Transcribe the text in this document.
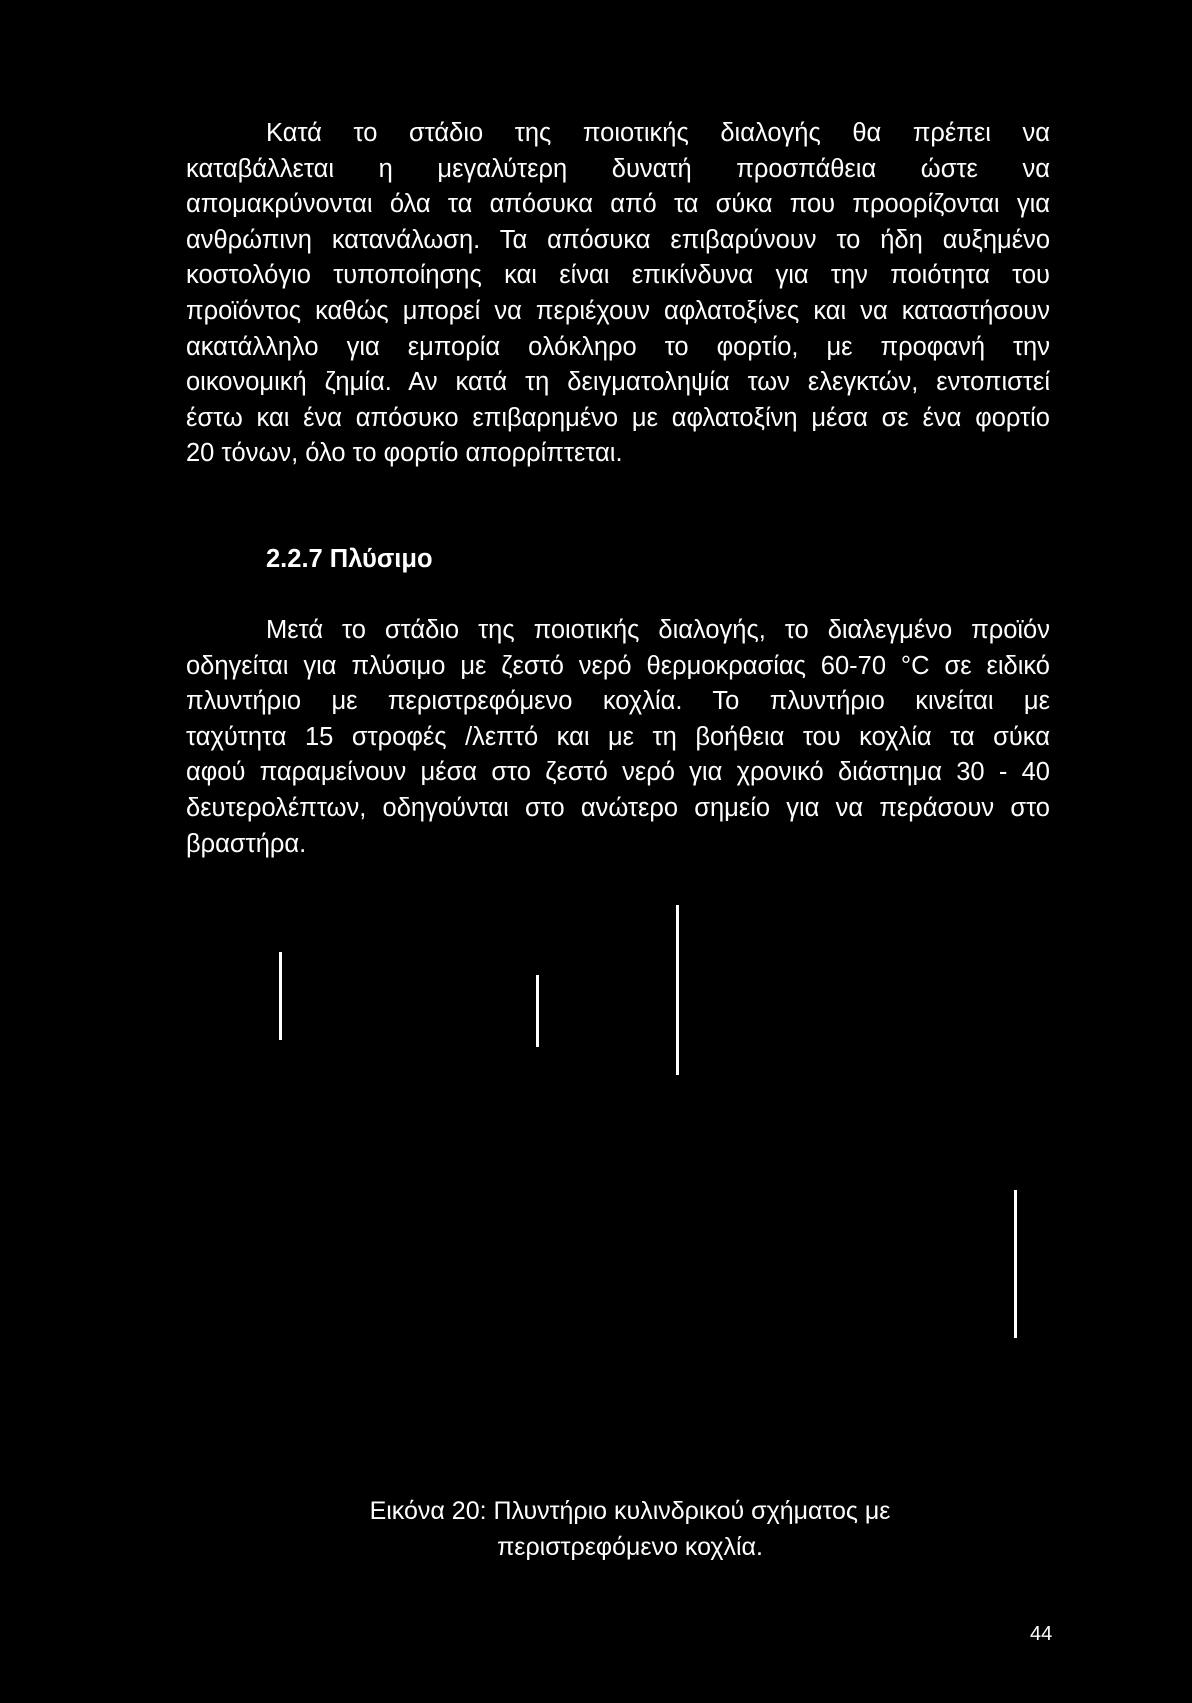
Κατά το στάδιο της ποιοτικής διαλογής θα πρέπει να
καταβάλλεται η μεγαλύτερη δυνατή προσπάθεια ώστε να
απομακρύνονται όλα τα απόσυκα από τα σύκα που προορίζονται για
ανθρώπινη κατανάλωση. Τα απόσυκα επιβαρύνουν το ήδη αυξημένο
κοστολόγιο τυποποίησης και είναι επικίνδυνα για την ποιότητα του
προϊόντος καθώς μπορεί να περιέχουν αφλατοξίνες και να καταστήσουν
ακατάλληλο για εμπορία ολόκληρο το φορτίο, με προφανή την
οικονομική ζημία. Αν κατά τη δειγματοληψία των ελεγκτών, εντοπιστεί
έστω και ένα απόσυκο επιβαρημένο με αφλατοξίνη μέσα σε ένα φορτίο
20 τόνων, όλο το φορτίο απορρίπτεται.
2.2.7 Πλύσιμο
Μετά το στάδιο της ποιοτικής διαλογής, το διαλεγμένο προϊόν
οδηγείται για πλύσιμο με ζεστό νερό θερμοκρασίας 60-70 °C σε ειδικό
πλυντήριο με περιστρεφόμενο κοχλία. Το πλυντήριο κινείται με
ταχύτητα 15 στροφές /λεπτό και με τη βοήθεια του κοχλία τα σύκα
αφού παραμείνουν μέσα στο ζεστό νερό για χρονικό διάστημα 30 - 40
δευτερολέπτων, οδηγούνται στο ανώτερο σημείο για να περάσουν στο
βραστήρα.
Εικόνα 20: Πλυντήριο κυλινδρικού σχήματος με
περιστρεφόμενο κοχλία.
44
